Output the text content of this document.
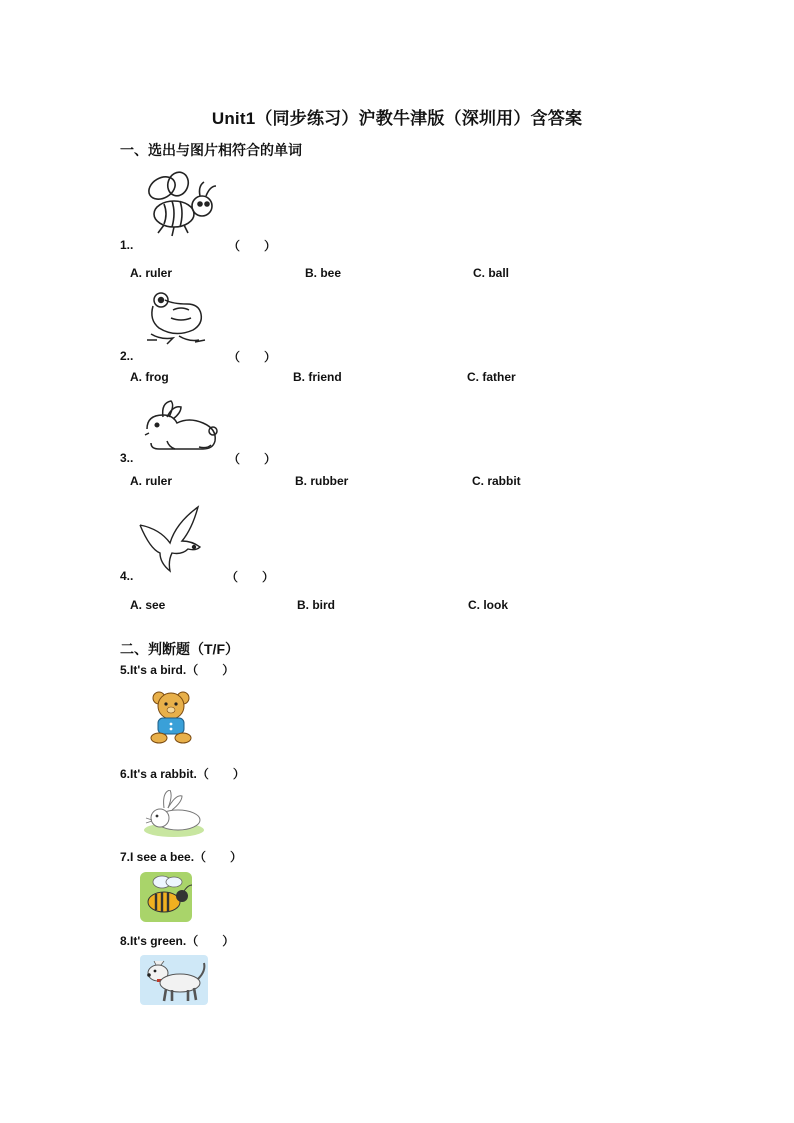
Unit1（同步练习）沪教牛津版（深圳用）含答案
一、选出与图片相符合的单词
1..	（　　）
A. ruler	B. bee	C. ball
2..	（　　）
A. frog	B. friend	C. father
3..	（　　）
A. ruler	B. rubber	C. rabbit
4..	（　　）
A. see	B. bird	C. look
二、判断题（T/F）
5.It's a bird.（　　）
6.It's a rabbit.（　　）
7.I see a bee.（　　）
8.It's green.（　　）
